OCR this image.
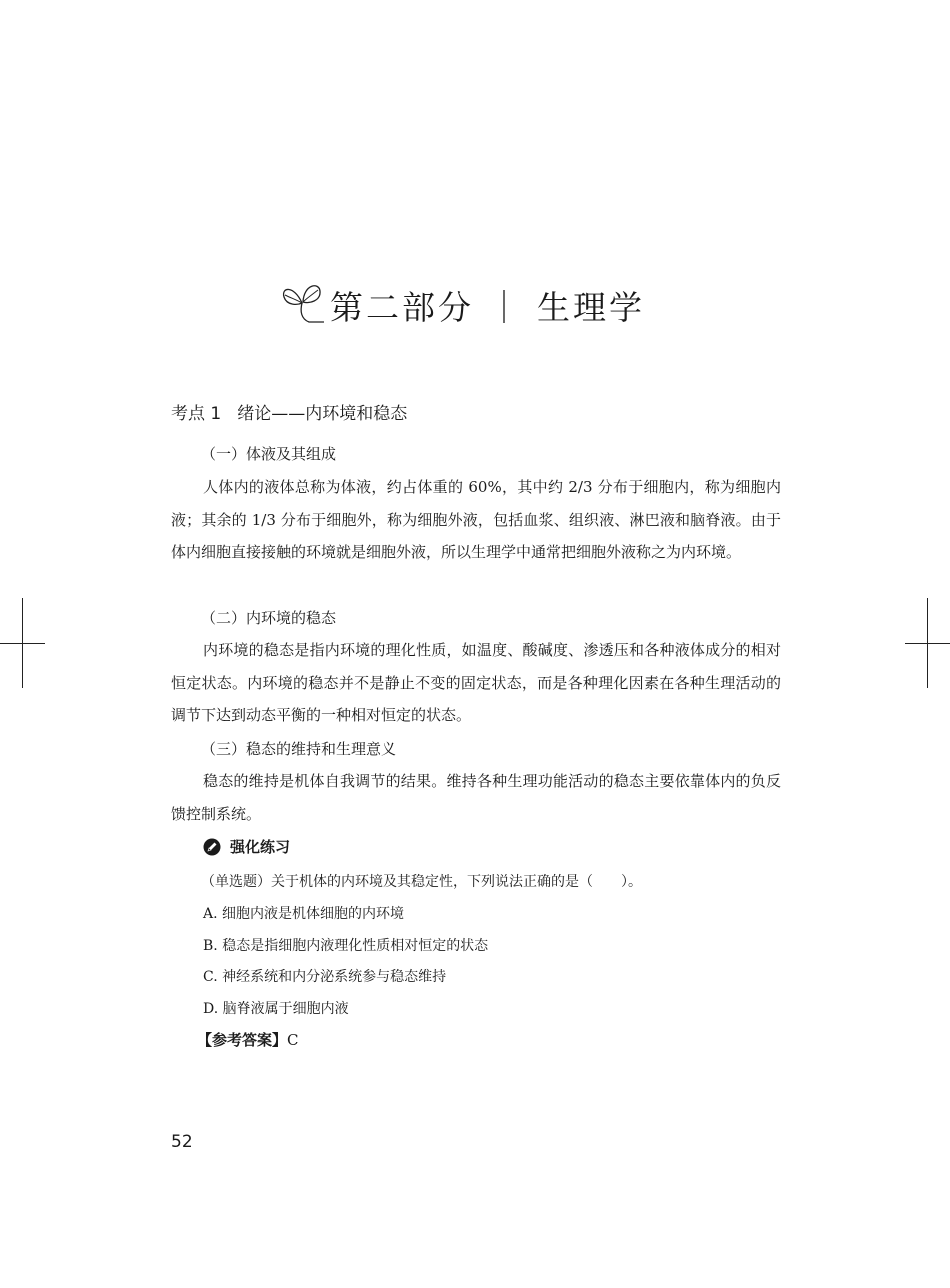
第二部分 ｜ 生理学
考点 1 绪论——内环境和稳态
（一）体液及其组成
人体内的液体总称为体液，约占体重的 60%，其中约 2/3 分布于细胞内，称为细胞内液；其余的 1/3 分布于细胞外，称为细胞外液，包括血浆、组织液、淋巴液和脑脊液。由于体内细胞直接接触的环境就是细胞外液，所以生理学中通常把细胞外液称之为内环境。
（二）内环境的稳态
内环境的稳态是指内环境的理化性质，如温度、酸碱度、渗透压和各种液体成分的相对恒定状态。内环境的稳态并不是静止不变的固定状态，而是各种理化因素在各种生理活动的调节下达到动态平衡的一种相对恒定的状态。
（三）稳态的维持和生理意义
稳态的维持是机体自我调节的结果。维持各种生理功能活动的稳态主要依靠体内的负反馈控制系统。
强化练习
（单选题）关于机体的内环境及其稳定性，下列说法正确的是（　　）。
A. 细胞内液是机体细胞的内环境
B. 稳态是指细胞内液理化性质相对恒定的状态
C. 神经系统和内分泌系统参与稳态维持
D. 脑脊液属于细胞内液
【参考答案】C
52
